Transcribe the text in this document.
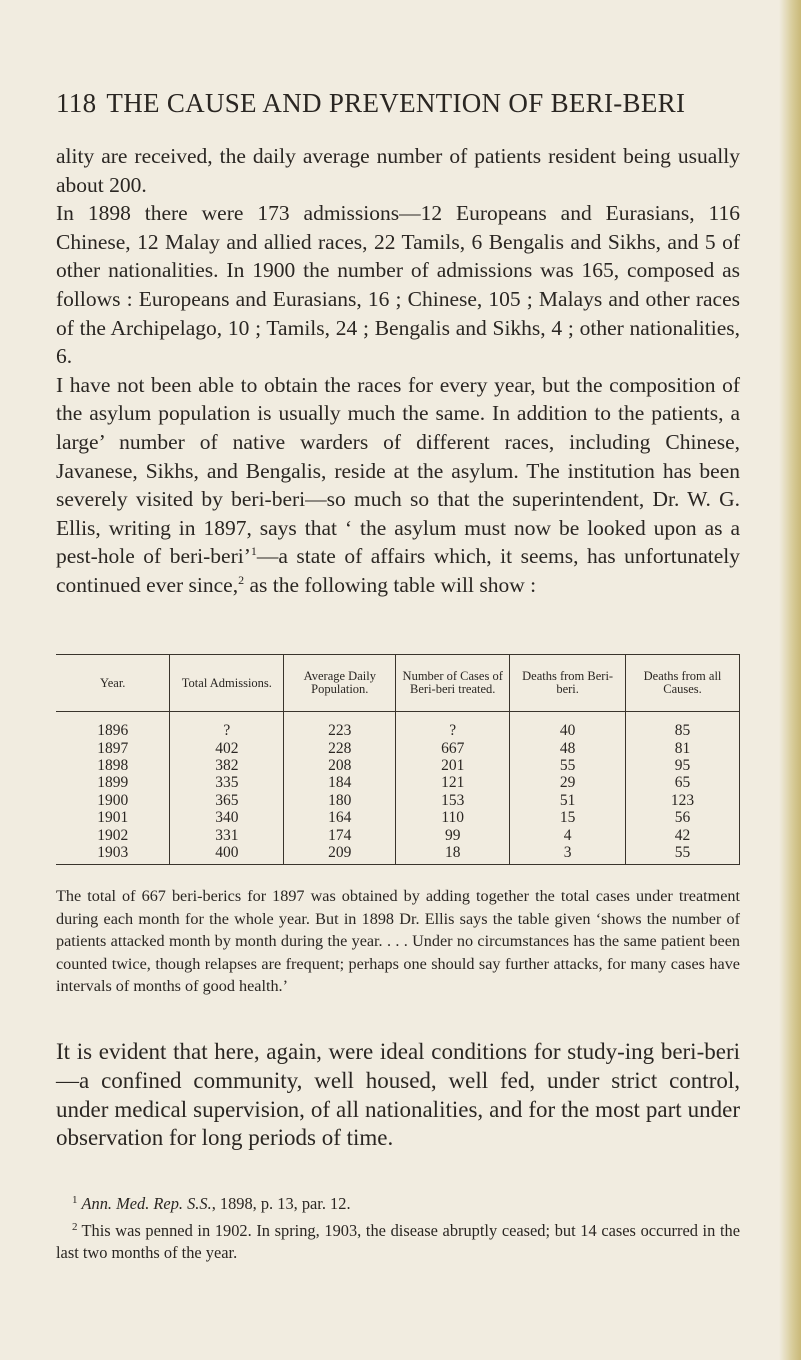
118 THE CAUSE AND PREVENTION OF BERI-BERI

ality are received, the daily average number of patients resident being usually about 200.

In 1898 there were 173 admissions—12 Europeans and Eurasians, 116 Chinese, 12 Malay and allied races, 22 Tamils, 6 Bengalis and Sikhs, and 5 of other nationalities. In 1900 the number of admissions was 165, composed as follows : Europeans and Eurasians, 16 ; Chinese, 105 ; Malays and other races of the Archipelago, 10 ; Tamils, 24 ; Bengalis and Sikhs, 4 ; other nationalities, 6.

I have not been able to obtain the races for every year, but the composition of the asylum population is usually much the same. In addition to the patients, a large’ number of native warders of different races, including Chinese, Javanese, Sikhs, and Bengalis, reside at the asylum. The institution has been severely visited by beri-beri—so much so that the superintendent, Dr. W. G. Ellis, writing in 1897, says that ‘ the asylum must now be looked upon as a pest-hole of beri-beri’$^1$—a state of affairs which, it seems, has unfortunately continued ever since,$^2$ as the following table will show :

Year.	Total Admissions.	Average Daily Population.	Number of Cases of Beri-beri treated.	Deaths from Beri-beri.	Deaths from all Causes.
1896	?	223	?	40	85
1897	402	228	667	48	81
1898	382	208	201	55	95
1899	335	184	121	29	65
1900	365	180	153	51	123
1901	340	164	110	15	56
1902	331	174	99	4	42
1903	400	209	18	3	55

The total of 667 beri-berics for 1897 was obtained by adding together the total cases under treatment during each month for the whole year. But in 1898 Dr. Ellis says the table given ‘shows the number of patients attacked month by month during the year. . . . Under no circumstances has the same patient been counted twice, though relapses are frequent; perhaps one should say further attacks, for many cases have intervals of months of good health.’

It is evident that here, again, were ideal conditions for study-ing beri-beri—a confined community, well housed, well fed, under strict control, under medical supervision, of all nationalities, and for the most part under observation for long periods of time.

$^1$ Ann. Med. Rep. S.S., 1898, p. 13, par. 12.

$^2$ This was penned in 1902. In spring, 1903, the disease abruptly ceased; but 14 cases occurred in the last two months of the year.
